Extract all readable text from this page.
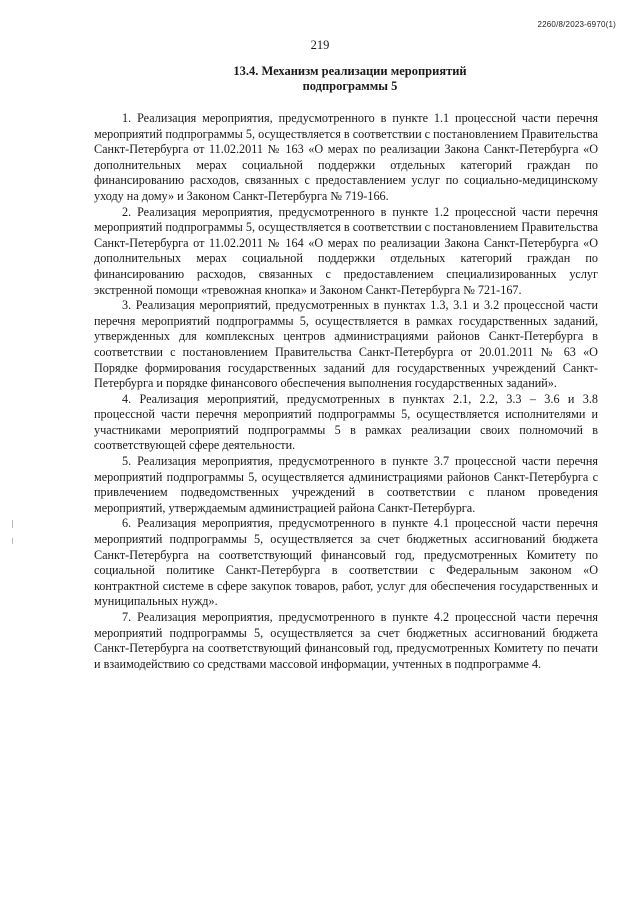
2260/8/2023-6970(1)
219
13.4. Механизм реализации мероприятий
подпрограммы 5

1. Реализация мероприятия, предусмотренного в пункте 1.1 процессной части перечня мероприятий подпрограммы 5, осуществляется в соответствии с постановлением Правительства Санкт-Петербурга от 11.02.2011 № 163 «О мерах по реализации Закона Санкт-Петербурга «О дополнительных мерах социальной поддержки отдельных категорий граждан по финансированию расходов, связанных с предоставлением услуг по социально-медицинскому уходу на дому» и Законом Санкт-Петербурга № 719-166.

2. Реализация мероприятия, предусмотренного в пункте 1.2 процессной части перечня мероприятий подпрограммы 5, осуществляется в соответствии с постановлением Правительства Санкт-Петербурга от 11.02.2011 № 164 «О мерах по реализации Закона Санкт-Петербурга «О дополнительных мерах социальной поддержки отдельных категорий граждан по финансированию расходов, связанных с предоставлением специализированных услуг экстренной помощи «тревожная кнопка» и Законом Санкт-Петербурга № 721-167.

3. Реализация мероприятий, предусмотренных в пунктах 1.3, 3.1 и 3.2 процессной части перечня мероприятий подпрограммы 5, осуществляется в рамках государственных заданий, утвержденных для комплексных центров администрациями районов Санкт-Петербурга в соответствии с постановлением Правительства Санкт-Петербурга от 20.01.2011 № 63 «О Порядке формирования государственных заданий для государственных учреждений Санкт-Петербурга и порядке финансового обеспечения выполнения государственных заданий».

4. Реализация мероприятий, предусмотренных в пунктах 2.1, 2.2, 3.3 – 3.6 и 3.8 процессной части перечня мероприятий подпрограммы 5, осуществляется исполнителями и участниками мероприятий подпрограммы 5 в рамках реализации своих полномочий в соответствующей сфере деятельности.

5. Реализация мероприятия, предусмотренного в пункте 3.7 процессной части перечня мероприятий подпрограммы 5, осуществляется администрациями районов Санкт-Петербурга с привлечением подведомственных учреждений в соответствии с планом проведения мероприятий, утверждаемым администрацией района Санкт-Петербурга.

6. Реализация мероприятия, предусмотренного в пункте 4.1 процессной части перечня мероприятий подпрограммы 5, осуществляется за счет бюджетных ассигнований бюджета Санкт-Петербурга на соответствующий финансовый год, предусмотренных Комитету по социальной политике Санкт-Петербурга в соответствии с Федеральным законом «О контрактной системе в сфере закупок товаров, работ, услуг для обеспечения государственных и муниципальных нужд».

7. Реализация мероприятия, предусмотренного в пункте 4.2 процессной части перечня мероприятий подпрограммы 5, осуществляется за счет бюджетных ассигнований бюджета Санкт-Петербурга на соответствующий финансовый год, предусмотренных Комитету по печати и взаимодействию со средствами массовой информации, учтенных в подпрограмме 4.
